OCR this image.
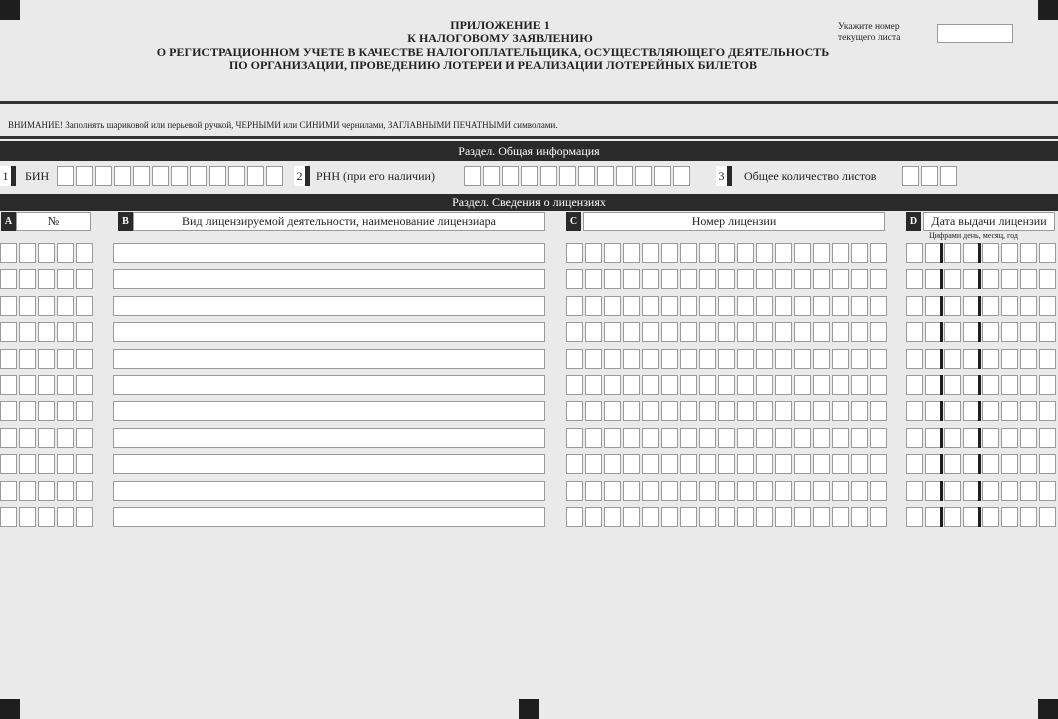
ПРИЛОЖЕНИЕ 1
К НАЛОГОВОМУ ЗАЯВЛЕНИЮ
О РЕГИСТРАЦИОННОМ УЧЕТЕ В КАЧЕСТВЕ НАЛОГОПЛАТЕЛЬЩИКА, ОСУЩЕСТВЛЯЮЩЕГО ДЕЯТЕЛЬНОСТЬ
ПО ОРГАНИЗАЦИИ, ПРОВЕДЕНИЮ ЛОТЕРЕИ И РЕАЛИЗАЦИИ ЛОТЕРЕЙНЫХ БИЛЕТОВ
Укажите номер
текущего листа
ВНИМАНИЕ! Заполнять шариковой или перьевой ручкой, ЧЕРНЫМИ или СИНИМИ чернилами, ЗАГЛАВНЫМИ ПЕЧАТНЫМИ символами.
Раздел. Общая информация
1	БИН	2	РНН (при его наличии)	3	Общее количество листов
Раздел. Сведения о лицензиях
A	№	B	Вид лицензируемой деятельности, наименование лицензиара	C	Номер лицензии	D	Дата выдачи лицензии
Цифрами день, месяц, год
